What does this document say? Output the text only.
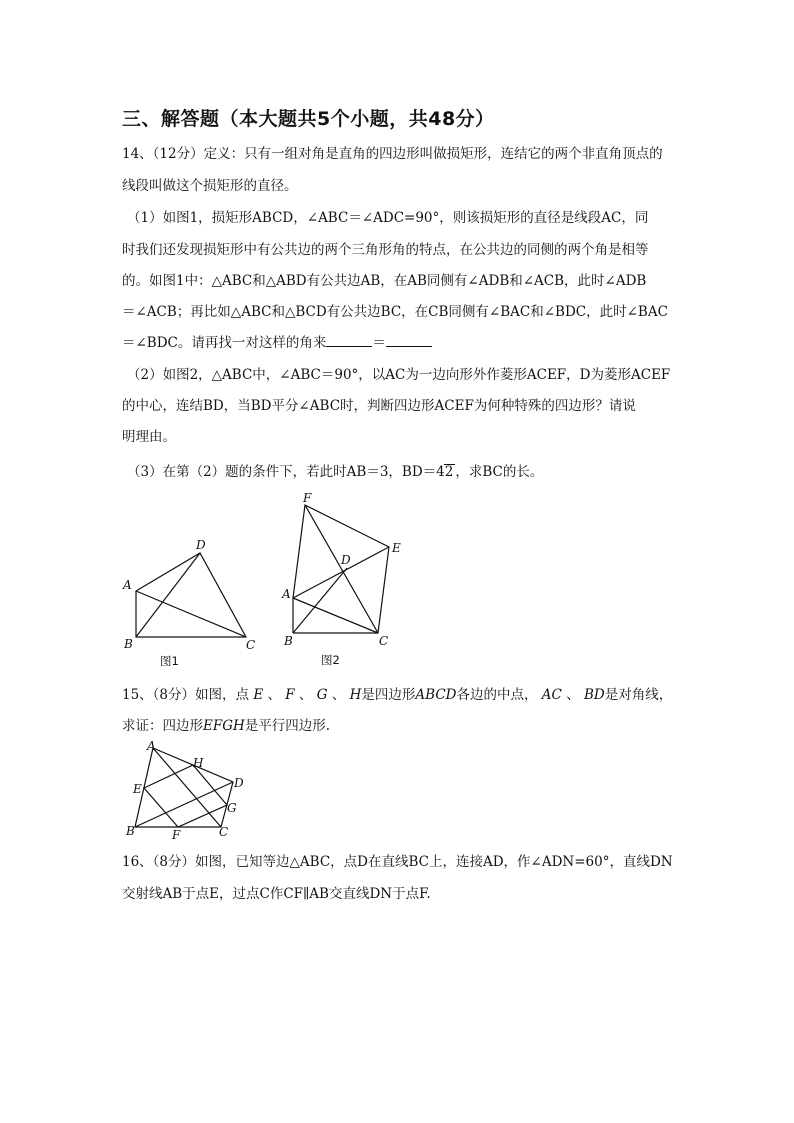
三、解答题（本大题共5个小题，共48分）
14、（12分）定义：只有一组对角是直角的四边形叫做损矩形，连结它的两个非直角顶点的
线段叫做这个损矩形的直径。
（1）如图1，损矩形ABCD，∠ABC＝∠ADC=90°，则该损矩形的直径是线段AC，同
时我们还发现损矩形中有公共边的两个三角形角的特点，在公共边的同侧的两个角是相等
的。如图1中：△ABC和△ABD有公共边AB，在AB同侧有∠ADB和∠ACB，此时∠ADB
＝∠ACB；再比如△ABC和△BCD有公共边BC，在CB同侧有∠BAC和∠BDC，此时∠BAC
＝∠BDC。请再找一对这样的角来	＝
（2）如图2，△ABC中，∠ABC＝90°，以AC为一边向形外作菱形ACEF，D为菱形ACEF
的中心，连结BD，当BD平分∠ABC时，判断四边形ACEF为何种特殊的四边形？请说
明理由。
（3）在第（2）题的条件下，若此时AB＝3，BD＝42 ，求BC的长。
A
B	C
D
图1
F
E
D
A
B	C
图2
15、（8分）如图，点 E 、 F 、 G 、 H是四边形ABCD各边的中点， AC 、 BD是对角线，
求证：四边形EFGH是平行四边形.
A
H
D
E
G
B	F	C
16、（8分）如图，已知等边△ABC，点D在直线BC上，连接AD，作∠ADN=60°，直线DN
交射线AB于点E，过点C作CF∥AB交直线DN于点F.
